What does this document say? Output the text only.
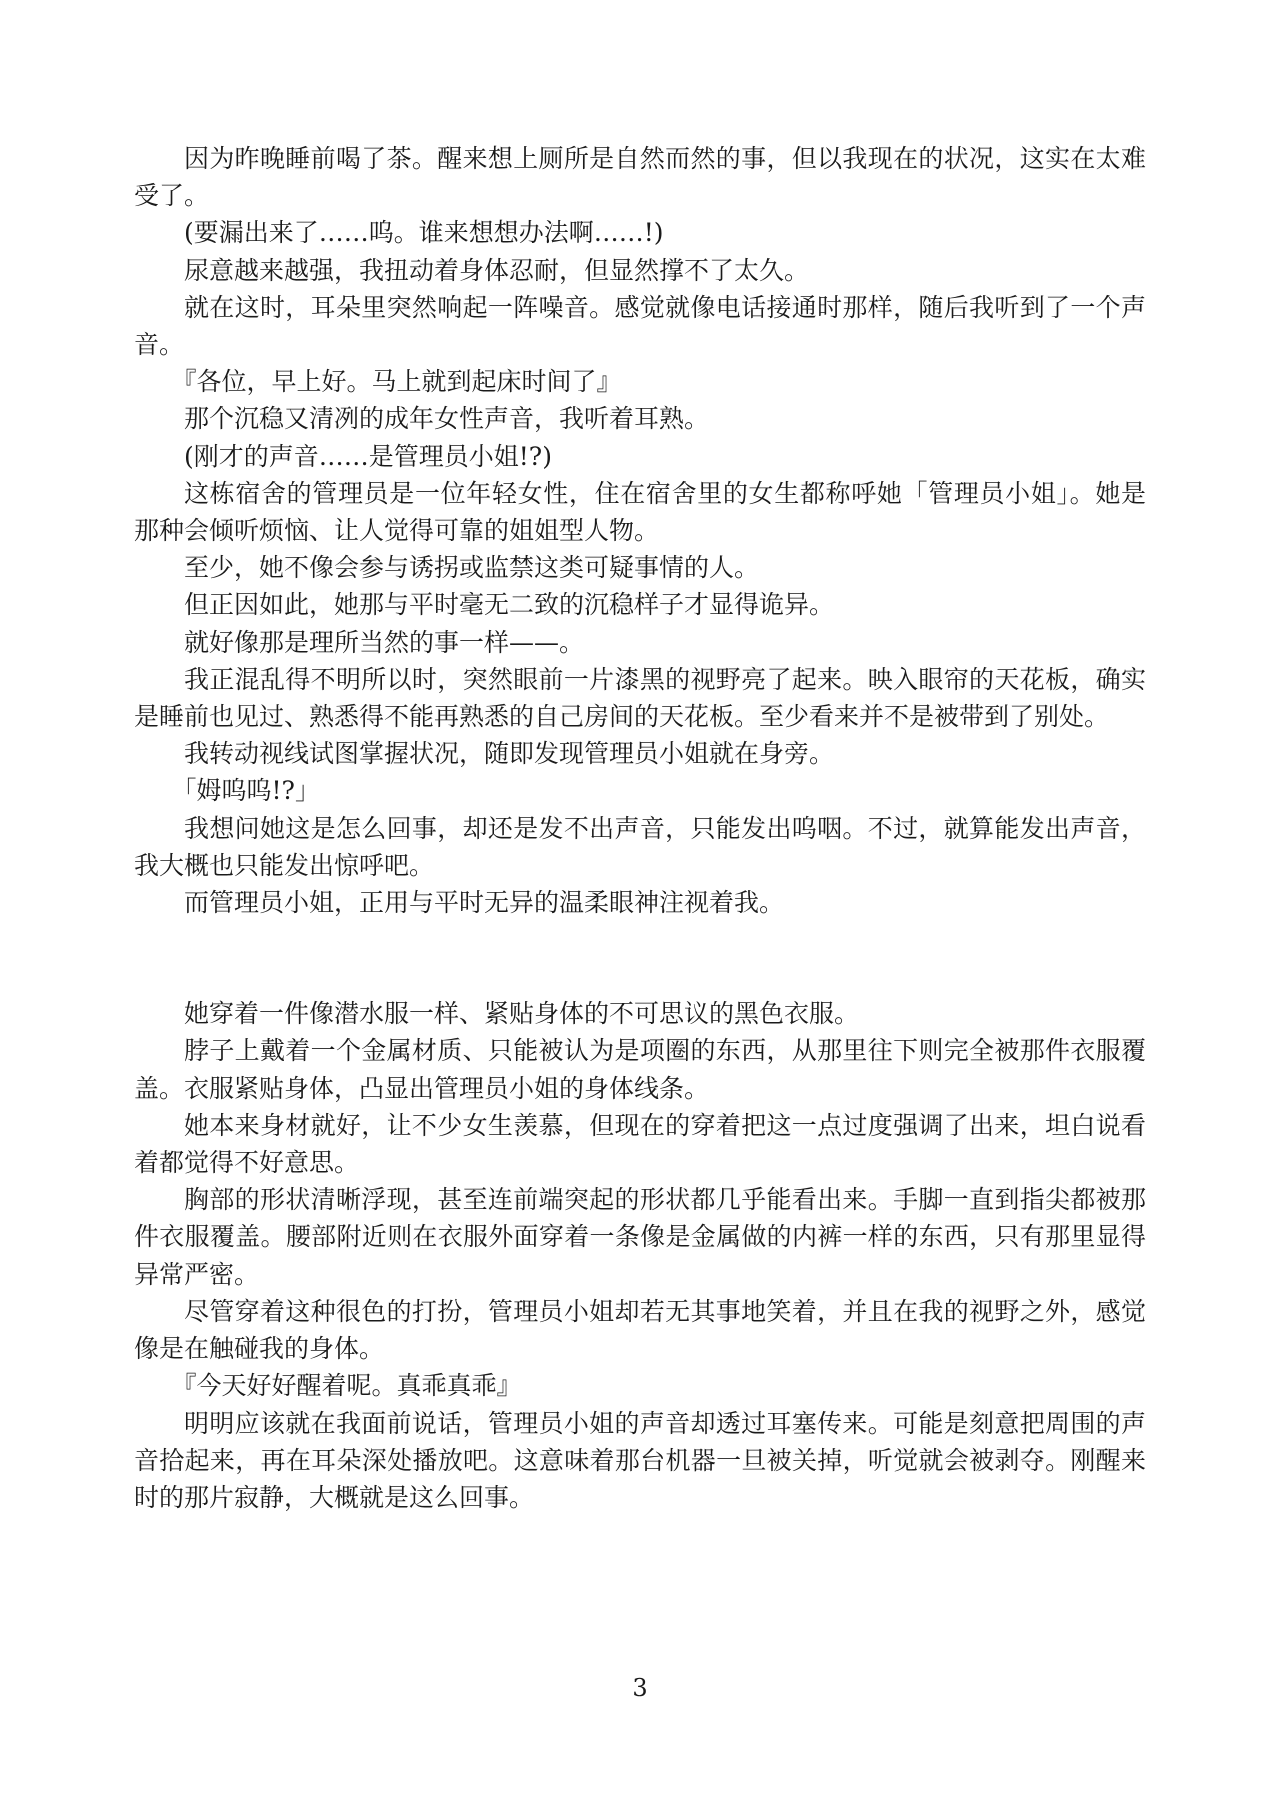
因为昨晚睡前喝了茶。醒来想上厕所是自然而然的事，但以我现在的状况，这实在太难受了。

(要漏出来了……呜。谁来想想办法啊……!)

尿意越来越强，我扭动着身体忍耐，但显然撑不了太久。

就在这时，耳朵里突然响起一阵噪音。感觉就像电话接通时那样，随后我听到了一个声音。

『各位，早上好。马上就到起床时间了』

那个沉稳又清冽的成年女性声音，我听着耳熟。

(刚才的声音……是管理员小姐!?)

这栋宿舍的管理员是一位年轻女性，住在宿舍里的女生都称呼她「管理员小姐」。她是那种会倾听烦恼、让人觉得可靠的姐姐型人物。

至少，她不像会参与诱拐或监禁这类可疑事情的人。

但正因如此，她那与平时毫无二致的沉稳样子才显得诡异。

就好像那是理所当然的事一样——。

我正混乱得不明所以时，突然眼前一片漆黑的视野亮了起来。映入眼帘的天花板，确实是睡前也见过、熟悉得不能再熟悉的自己房间的天花板。至少看来并不是被带到了别处。

我转动视线试图掌握状况，随即发现管理员小姐就在身旁。

「姆呜呜!?」

我想问她这是怎么回事，却还是发不出声音，只能发出呜咽。不过，就算能发出声音，我大概也只能发出惊呼吧。

而管理员小姐，正用与平时无异的温柔眼神注视着我。

她穿着一件像潜水服一样、紧贴身体的不可思议的黑色衣服。

脖子上戴着一个金属材质、只能被认为是项圈的东西，从那里往下则完全被那件衣服覆盖。衣服紧贴身体，凸显出管理员小姐的身体线条。

她本来身材就好，让不少女生羡慕，但现在的穿着把这一点过度强调了出来，坦白说看着都觉得不好意思。

胸部的形状清晰浮现，甚至连前端突起的形状都几乎能看出来。手脚一直到指尖都被那件衣服覆盖。腰部附近则在衣服外面穿着一条像是金属做的内裤一样的东西，只有那里显得异常严密。

尽管穿着这种很色的打扮，管理员小姐却若无其事地笑着，并且在我的视野之外，感觉像是在触碰我的身体。

『今天好好醒着呢。真乖真乖』

明明应该就在我面前说话，管理员小姐的声音却透过耳塞传来。可能是刻意把周围的声音拾起来，再在耳朵深处播放吧。这意味着那台机器一旦被关掉，听觉就会被剥夺。刚醒来时的那片寂静，大概就是这么回事。

3
